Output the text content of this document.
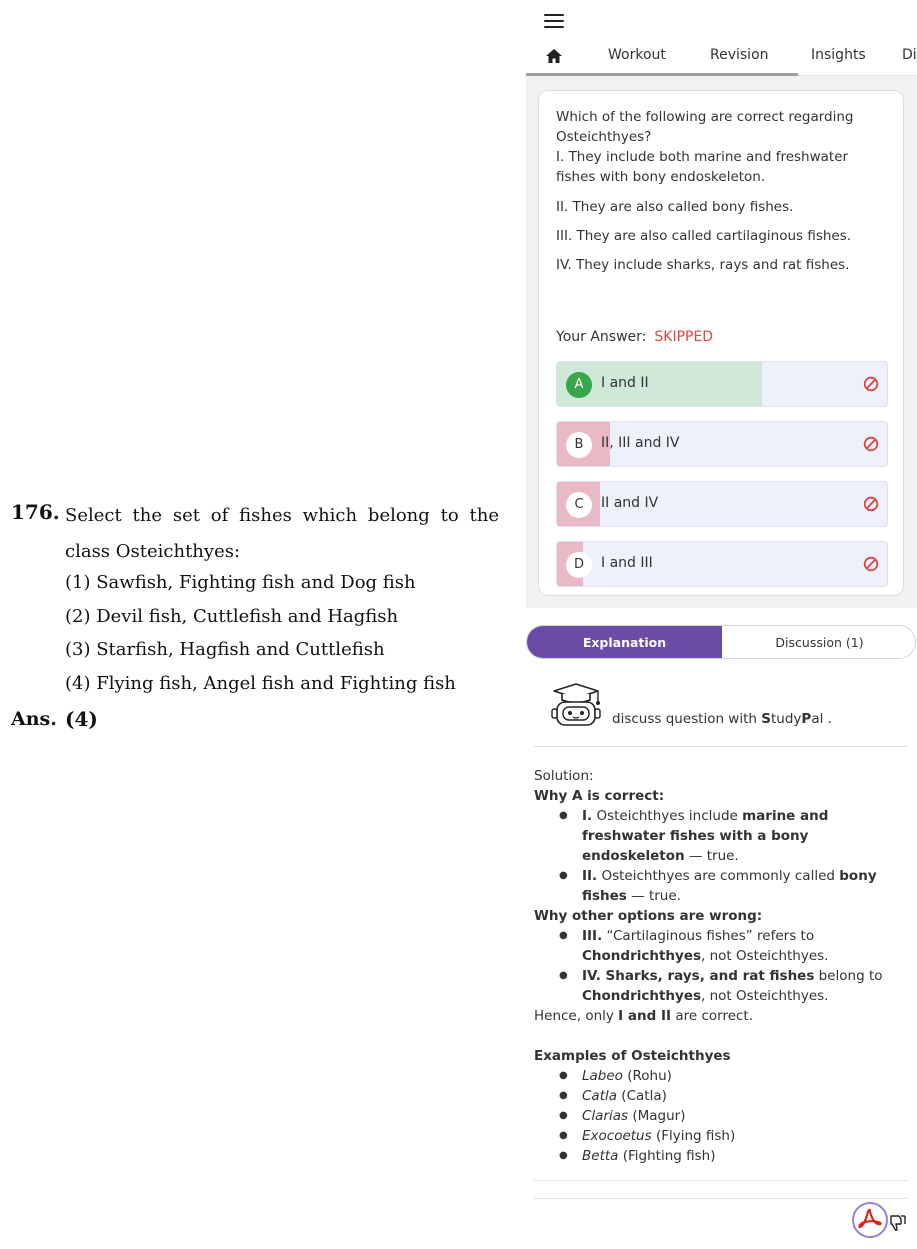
176. Select the set of fishes which belong to the class Osteichthyes:
(1) Sawfish, Fighting fish and Dog fish
(2) Devil fish, Cuttlefish and Hagfish
(3) Starfish, Hagfish and Cuttlefish
(4) Flying fish, Angel fish and Fighting fish
Ans. (4)
Workout	Revision	Insights	Di
Which of the following are correct regarding Osteichthyes?
I. They include both marine and freshwater fishes with bony endoskeleton.
II. They are also called bony fishes.
III. They are also called cartilaginous fishes.
IV. They include sharks, rays and rat fishes.
Your Answer: SKIPPED
A	I and II
B	II, III and IV
C	II and IV
D	I and III
Explanation	Discussion (1)
discuss question with StudyPal .
Solution:
Why A is correct:
● I. Osteichthyes include marine and freshwater fishes with a bony endoskeleton — true.
● II. Osteichthyes are commonly called bony fishes — true.
Why other options are wrong:
● III. “Cartilaginous fishes” refers to Chondrichthyes, not Osteichthyes.
● IV. Sharks, rays, and rat fishes belong to Chondrichthyes, not Osteichthyes.
Hence, only I and II are correct.
Examples of Osteichthyes
● Labeo (Rohu)
● Catla (Catla)
● Clarias (Magur)
● Exocoetus (Flying fish)
● Betta (Fighting fish)
